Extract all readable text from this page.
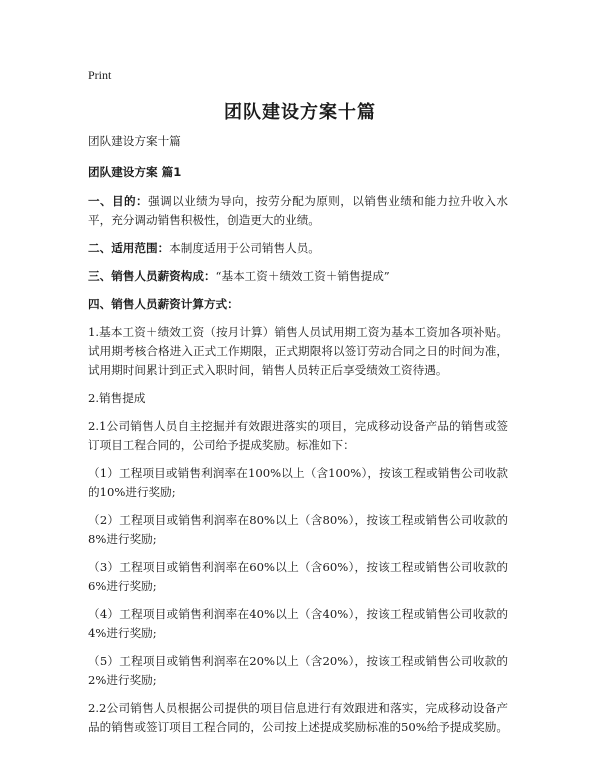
Print
团队建设方案十篇

团队建设方案十篇

团队建设方案 篇1

一、目的：强调以业绩为导向，按劳分配为原则，以销售业绩和能力拉升收入水平，充分调动销售积极性，创造更大的业绩。

二、适用范围：本制度适用于公司销售人员。

三、销售人员薪资构成：“基本工资＋绩效工资＋销售提成”

四、销售人员薪资计算方式：

1.基本工资＋绩效工资（按月计算）销售人员试用期工资为基本工资加各项补贴。试用期考核合格进入正式工作期限，正式期限将以签订劳动合同之日的时间为准，试用期时间累计到正式入职时间，销售人员转正后享受绩效工资待遇。

2.销售提成

2.1公司销售人员自主挖掘并有效跟进落实的项目，完成移动设备产品的销售或签订项目工程合同的，公司给予提成奖励。标准如下：

（1）工程项目或销售利润率在100%以上（含100%），按该工程或销售公司收款的10%进行奖励;

（2）工程项目或销售利润率在80%以上（含80%），按该工程或销售公司收款的8%进行奖励;

（3）工程项目或销售利润率在60%以上（含60%），按该工程或销售公司收款的6%进行奖励;

（4）工程项目或销售利润率在40%以上（含40%），按该工程或销售公司收款的4%进行奖励;

（5）工程项目或销售利润率在20%以上（含20%），按该工程或销售公司收款的2%进行奖励;

2.2公司销售人员根据公司提供的项目信息进行有效跟进和落实，完成移动设备产品的销售或签订项目工程合同的，公司按上述提成奖励标准的50%给予提成奖励。
